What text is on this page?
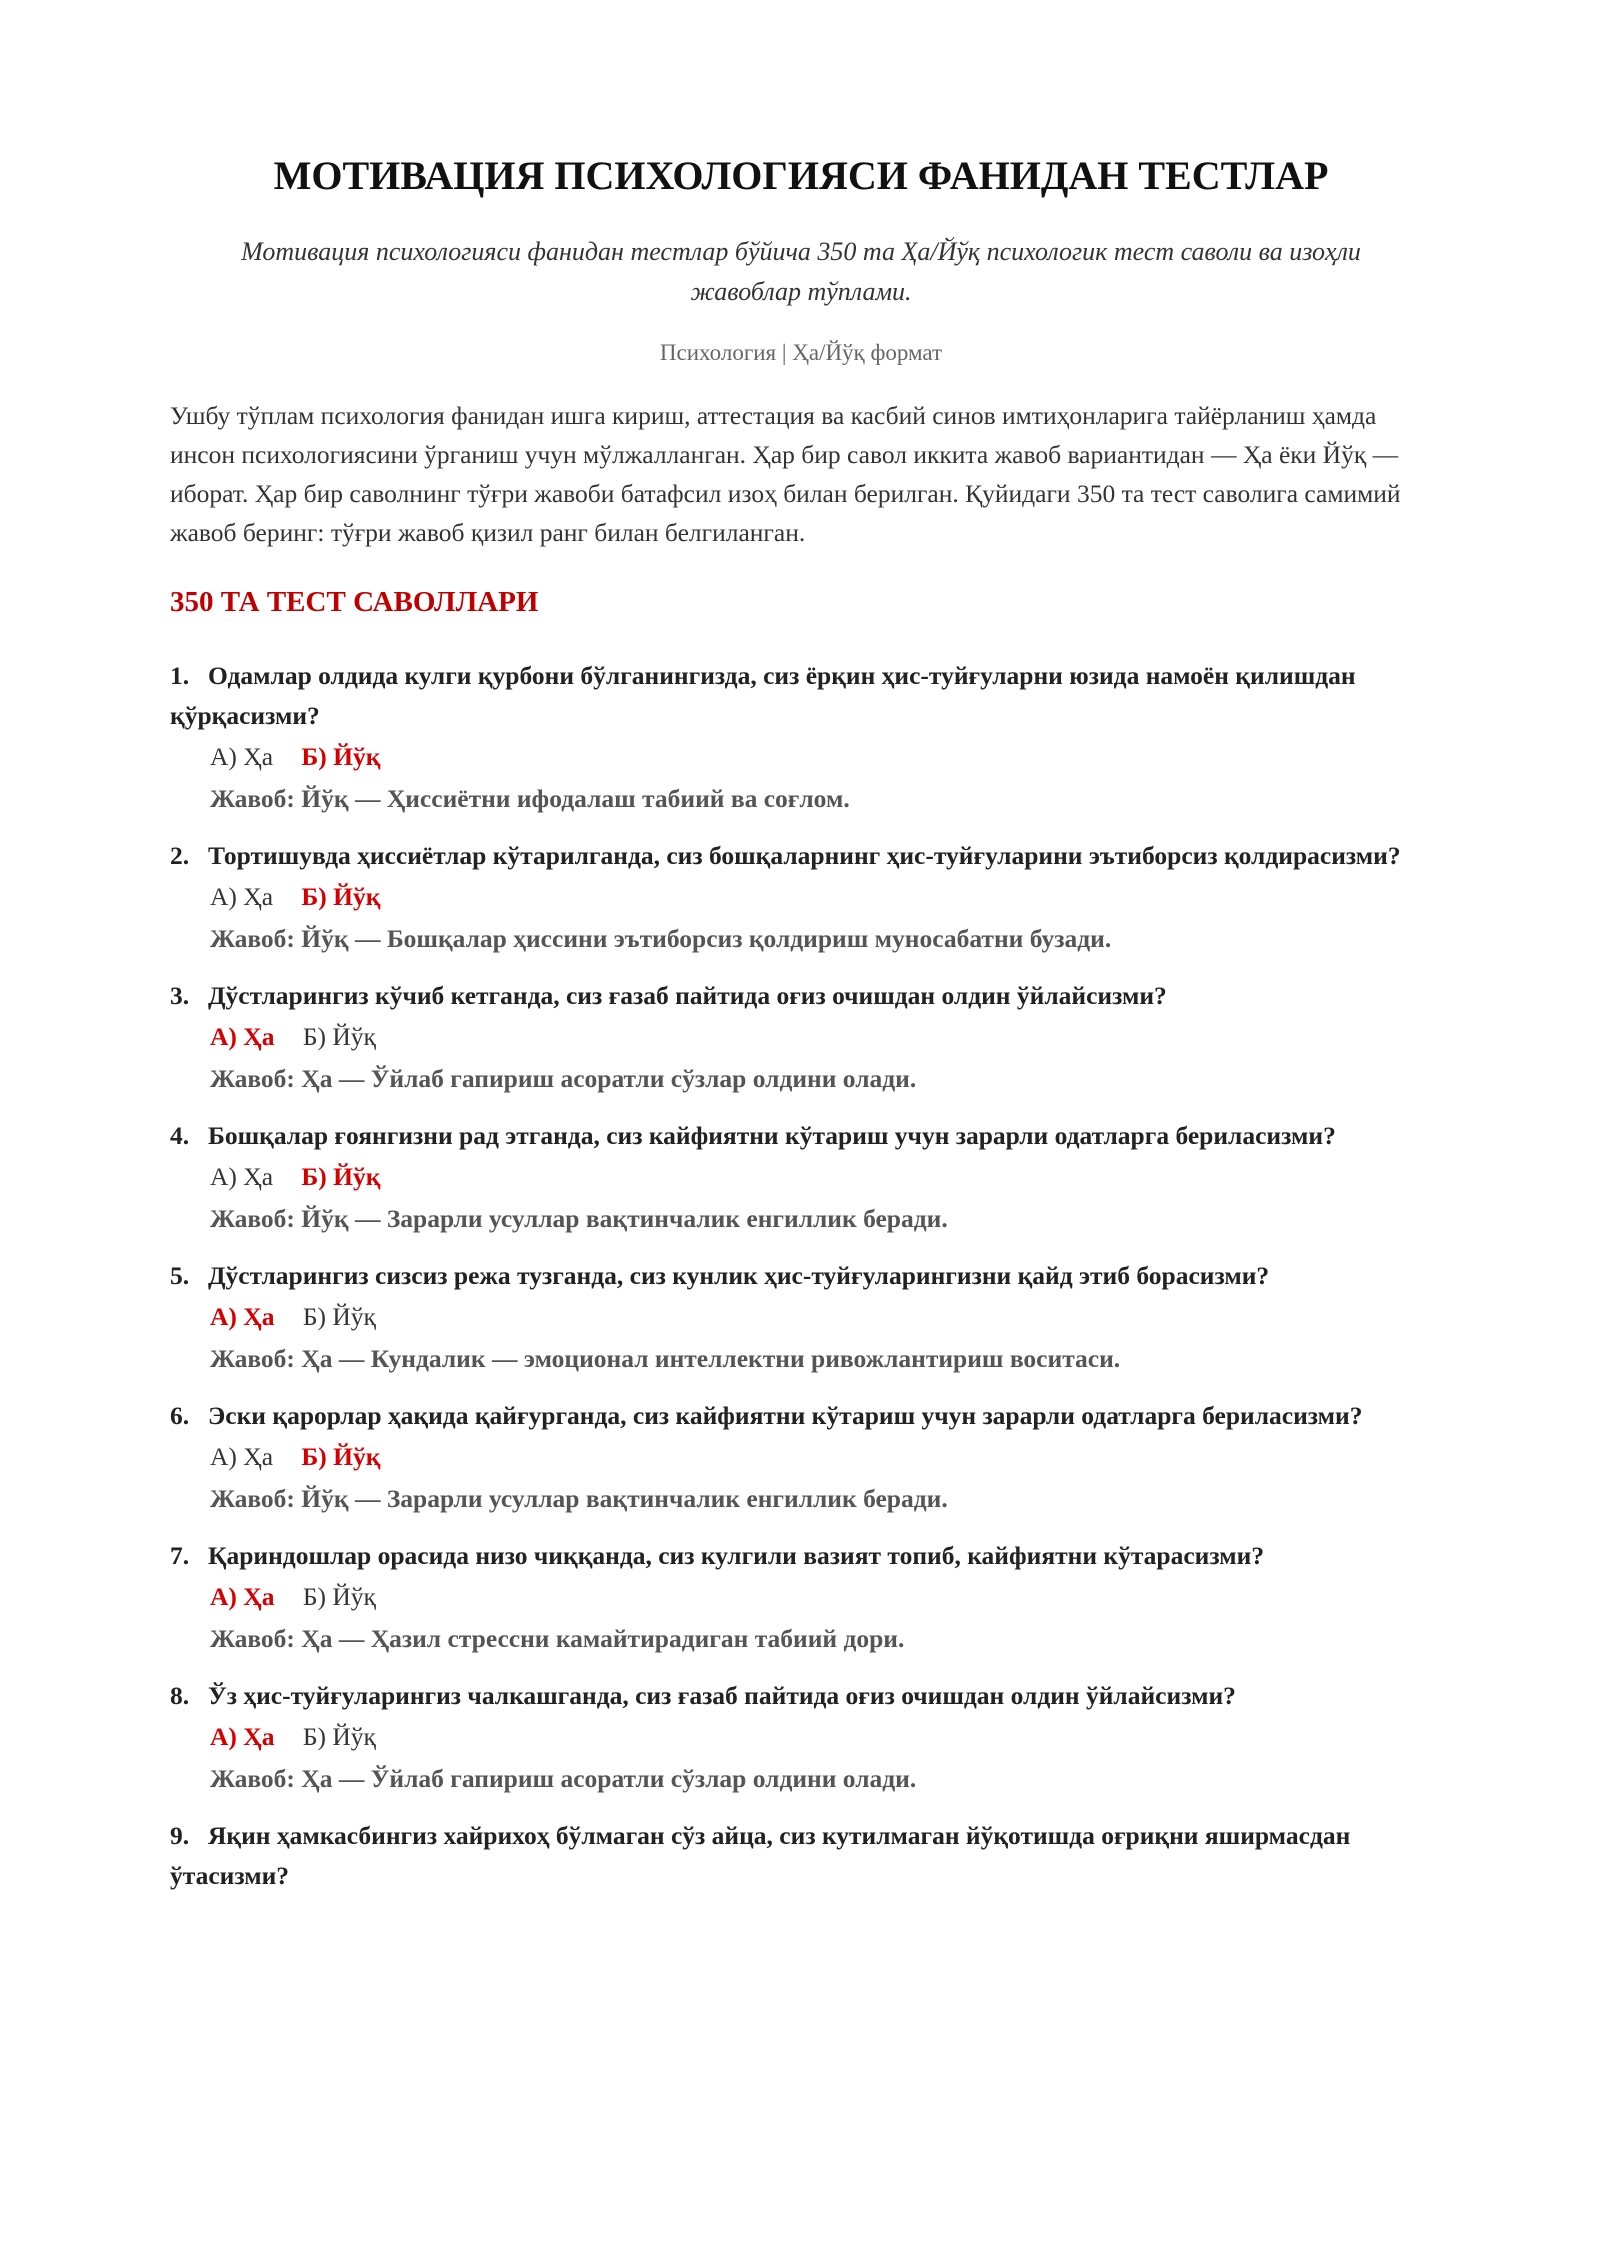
МОТИВАЦИЯ ПСИХОЛОГИЯСИ ФАНИДАН ТЕСТЛАР
Мотивация психологияси фанидан тестлар бўйича 350 та Ҳа/Йўқ психологик тест саволи ва изоҳли жавоблар тўплами.
Психология | Ҳа/Йўқ формат
Ушбу тўплам психология фанидан ишга кириш, аттестация ва касбий синов имтиҳонларига тайёрланиш ҳамда инсон психологиясини ўрганиш учун мўлжалланган. Ҳар бир савол иккита жавоб вариантидан — Ҳа ёки Йўқ — иборат. Ҳар бир саволнинг тўғри жавоби батафсил изоҳ билан берилган. Қуйидаги 350 та тест саволига самимий жавоб беринг: тўғри жавоб қизил ранг билан белгиланган.
350 ТА ТЕСТ САВОЛЛАРИ
1. Одамлар олдида кулги қурбони бўлганингизда, сиз ёрқин ҳис-туйғуларни юзида намоён қилишдан қўрқасизми?
А) Ҳа Б) Йўқ
Жавоб: Йўқ — Ҳиссиётни ифодалаш табиий ва соғлом.
2. Тортишувда ҳиссиётлар кўтарилганда, сиз бошқаларнинг ҳис-туйғуларини эътиборсиз қолдирасизми?
А) Ҳа Б) Йўқ
Жавоб: Йўқ — Бошқалар ҳиссини эътиборсиз қолдириш муносабатни бузади.
3. Дўстларингиз кўчиб кетганда, сиз ғазаб пайтида оғиз очишдан олдин ўйлайсизми?
А) Ҳа Б) Йўқ
Жавоб: Ҳа — Ўйлаб гапириш асоратли сўзлар олдини олади.
4. Бошқалар ғоянгизни рад этганда, сиз кайфиятни кўтариш учун зарарли одатларга бериласизми?
А) Ҳа Б) Йўқ
Жавоб: Йўқ — Зарарли усуллар вақтинчалик енгиллик беради.
5. Дўстларингиз сизсиз режа тузганда, сиз кунлик ҳис-туйғуларингизни қайд этиб борасизми?
А) Ҳа Б) Йўқ
Жавоб: Ҳа — Кундалик — эмоционал интеллектни ривожлантириш воситаси.
6. Эски қарорлар ҳақида қайғурганда, сиз кайфиятни кўтариш учун зарарли одатларга бериласизми?
А) Ҳа Б) Йўқ
Жавоб: Йўқ — Зарарли усуллар вақтинчалик енгиллик беради.
7. Қариндошлар орасида низо чиққанда, сиз кулгили вазият топиб, кайфиятни кўтарасизми?
А) Ҳа Б) Йўқ
Жавоб: Ҳа — Ҳазил стрессни камайтирадиган табиий дори.
8. Ўз ҳис-туйғуларингиз чалкашганда, сиз ғазаб пайтида оғиз очишдан олдин ўйлайсизми?
А) Ҳа Б) Йўқ
Жавоб: Ҳа — Ўйлаб гапириш асоратли сўзлар олдини олади.
9. Яқин ҳамкасбингиз хайрихоҳ бўлмаган сўз айца, сиз кутилмаган йўқотишда оғриқни яширмасдан ўтасизми?
